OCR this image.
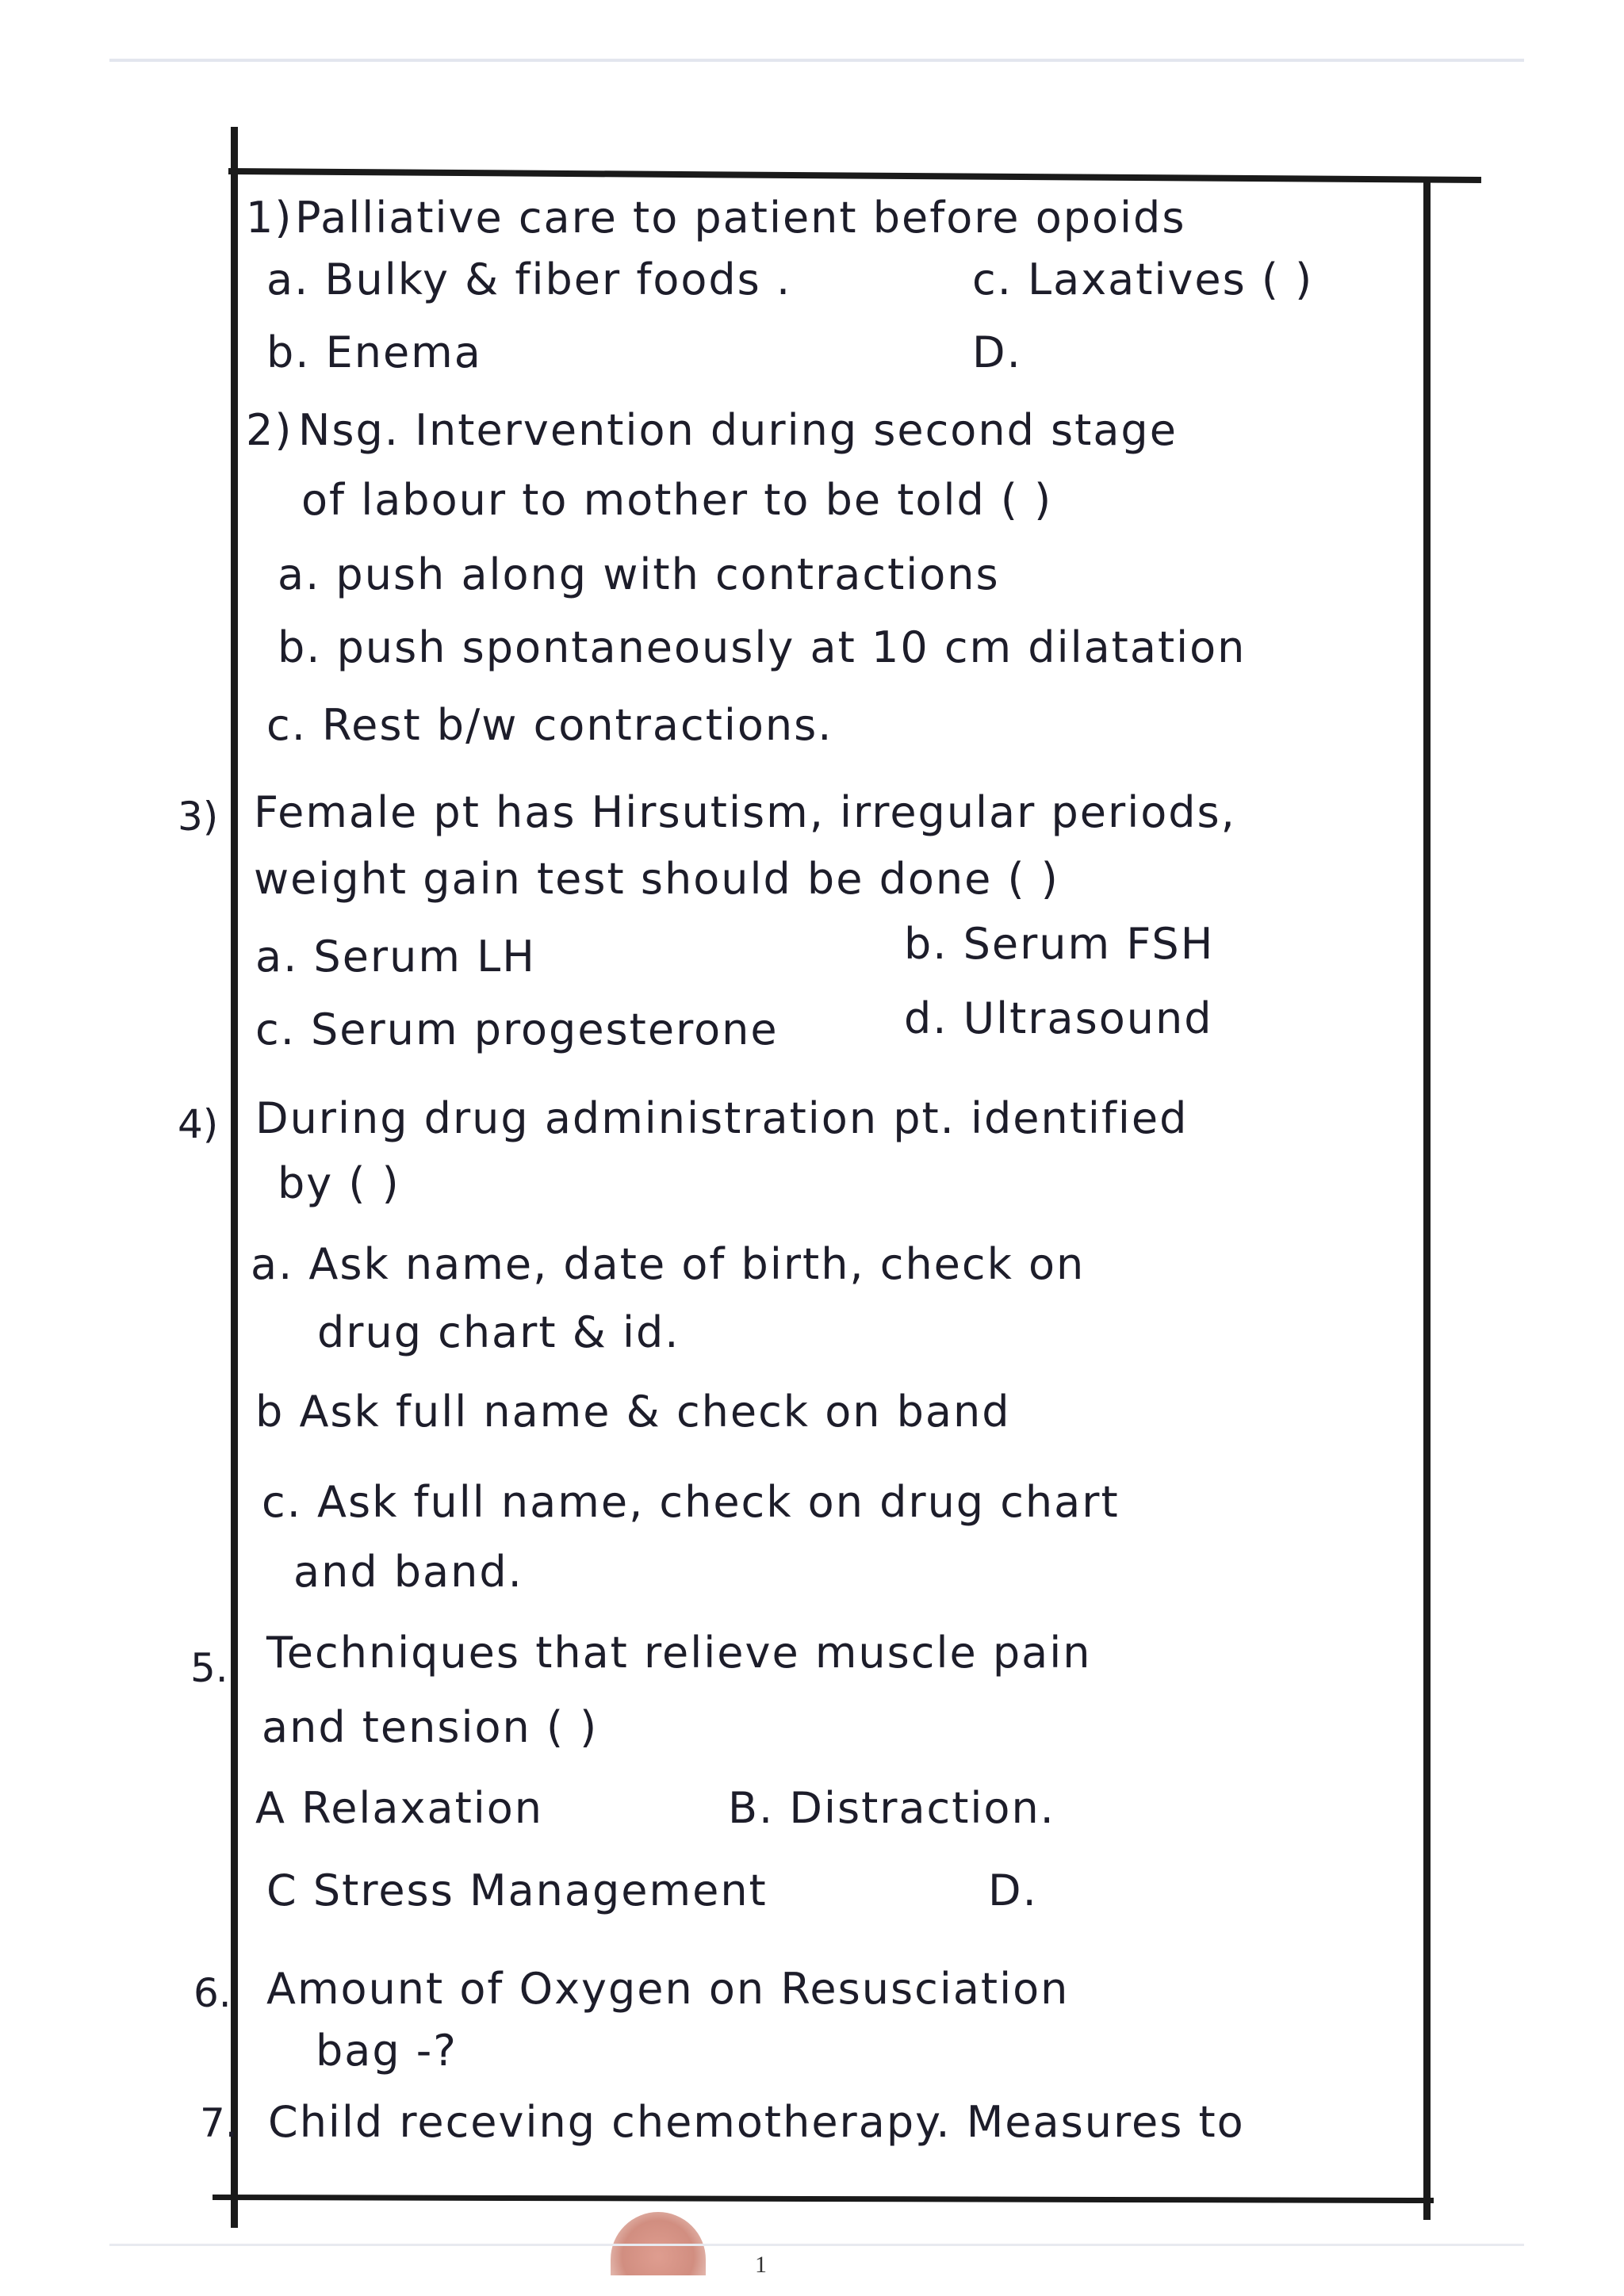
1) Palliative care to patient before opoids
a. Bulky & fiber foods .	c. Laxatives ( )
b. Enema	D.
2) Nsg. Intervention during second stage
of labour to mother to be told ( )
a. push along with contractions
b. push spontaneously at 10 cm dilatation
c. Rest b/w contractions.
3) Female pt has Hirsutism, irregular periods,
weight gain test should be done ( )
a. Serum LH	b. Serum FSH
c. Serum progesterone	d. Ultrasound
4) During drug administration pt. identified
by ( )
a. Ask name, date of birth, check on
drug chart & id.
b Ask full name & check on band
c. Ask full name, check on drug chart
and band.
5. Techniques that relieve muscle pain
and tension ( )
A Relaxation	B. Distraction.
C Stress Management	D.
6. Amount of Oxygen on Resusciation
bag -?
7. Child receving chemotherapy. Measures to
1
